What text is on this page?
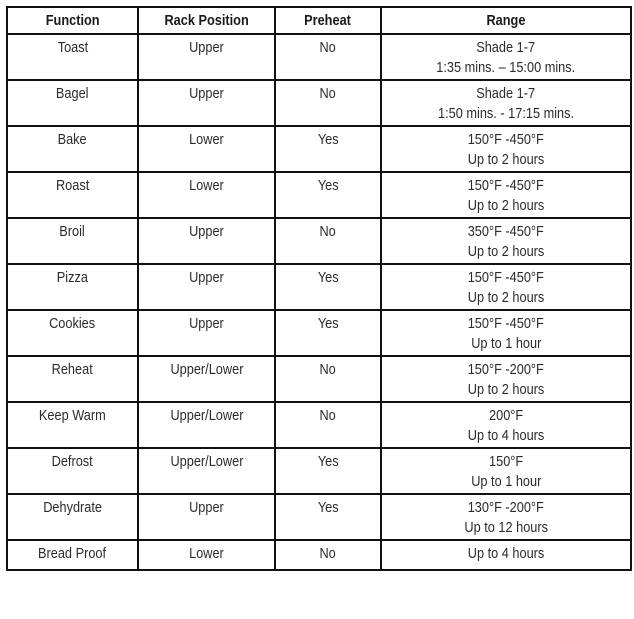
Function	Rack Position	Preheat	Range
Toast	Upper	No	Shade 1-7
1:35 mins. – 15:00 mins.

Bagel	Upper	No	Shade 1-7
1:50 mins. - 17:15 mins.

Bake	Lower	Yes	150°F -450°F
Up to 2 hours

Roast	Lower	Yes	150°F -450°F
Up to 2 hours

Broil	Upper	No	350°F -450°F
Up to 2 hours

Pizza	Upper	Yes	150°F -450°F
Up to 2 hours

Cookies	Upper	Yes	150°F -450°F
Up to 1 hour

Reheat	Upper/Lower	No	150°F -200°F
Up to 2 hours

Keep Warm	Upper/Lower	No	200°F
Up to 4 hours

Defrost	Upper/Lower	Yes	150°F
Up to 1 hour

Dehydrate	Upper	Yes	130°F -200°F
Up to 12 hours

Bread Proof	Lower	No	Up to 4 hours
